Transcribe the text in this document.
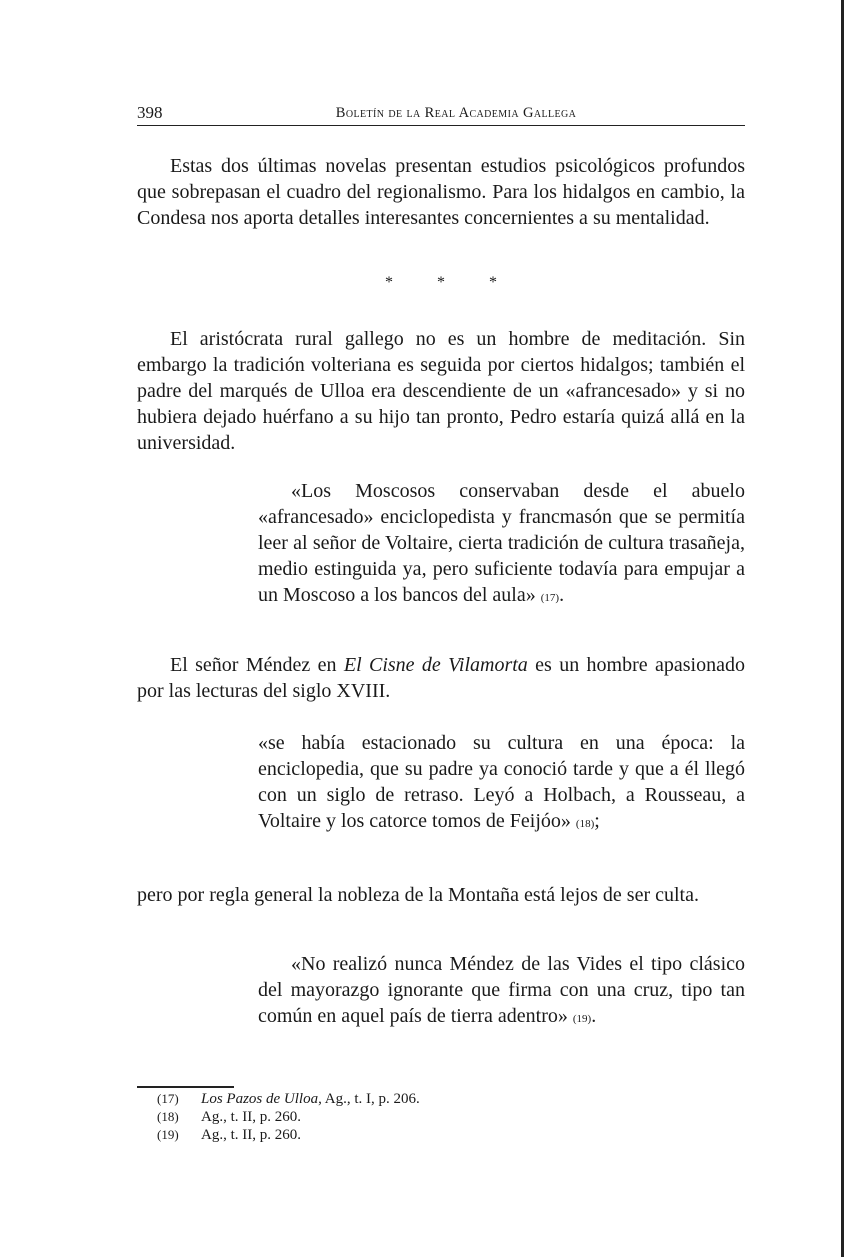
398	Boletín de la Real Academia Gallega

Estas dos últimas novelas presentan estudios psicológicos profundos que sobrepasan el cuadro del regionalismo. Para los hidalgos en cambio, la Condesa nos aporta detalles interesantes concernientes a su mentalidad.

*	*	*

El aristócrata rural gallego no es un hombre de meditación. Sin embargo la tradición volteriana es seguida por ciertos hidalgos; también el padre del marqués de Ulloa era descendiente de un «afrancesado» y si no hubiera dejado huérfano a su hijo tan pronto, Pedro estaría quizá allá en la universidad.

«Los Moscosos conservaban desde el abuelo «afrancesado» enciclopedista y francmasón que se permitía leer al señor de Voltaire, cierta tradición de cultura trasañeja, medio estinguida ya, pero suficiente todavía para empujar a un Moscoso a los bancos del aula» (17).

El señor Méndez en El Cisne de Vilamorta es un hombre apasionado por las lecturas del siglo XVIII.

«se había estacionado su cultura en una época: la enciclopedia, que su padre ya conoció tarde y que a él llegó con un siglo de retraso. Leyó a Holbach, a Rousseau, a Voltaire y los catorce tomos de Feijóo» (18);

pero por regla general la nobleza de la Montaña está lejos de ser culta.

«No realizó nunca Méndez de las Vides el tipo clásico del mayorazgo ignorante que firma con una cruz, tipo tan común en aquel país de tierra adentro» (19).

(17) Los Pazos de Ulloa, Ag., t. I, p. 206.
(18) Ag., t. II, p. 260.
(19) Ag., t. II, p. 260.
